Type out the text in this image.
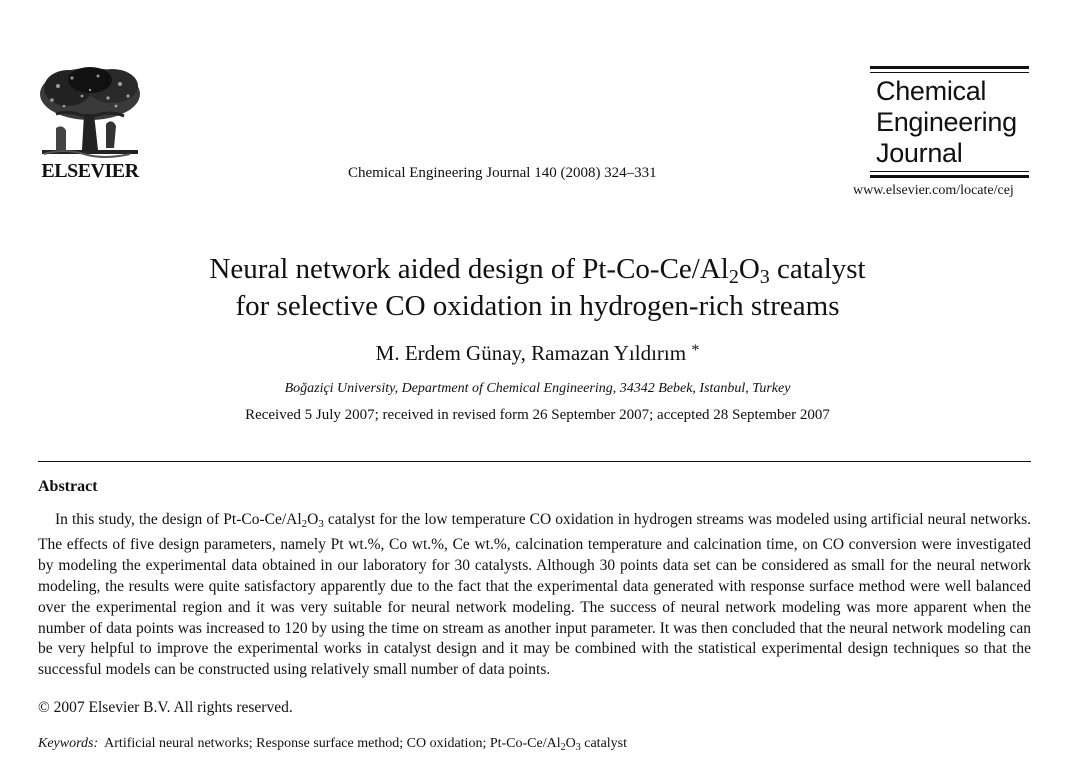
ELSEVIER	Chemical Engineering Journal 140 (2008) 324–331
Chemical
Engineering
Journal
www.elsevier.com/locate/cej
Neural network aided design of $Pt-Co-Ce/Al_2O_3$ catalyst
for selective CO oxidation in hydrogen-rich streams
M. Erdem Günay, Ramazan Yıldırım *
Boğaziçi University, Department of Chemical Engineering, 34342 Bebek, Istanbul, Turkey
Received 5 July 2007; received in revised form 26 September 2007; accepted 28 September 2007
Abstract
In this study, the design of Pt-Co-Ce/Al2O3 catalyst for the low temperature CO oxidation in hydrogen streams was modeled using artificial neural networks. The effects of five design parameters, namely Pt wt.%, Co wt.%, Ce wt.%, calcination temperature and calcination time, on CO conversion were investigated by modeling the experimental data obtained in our laboratory for 30 catalysts. Although 30 points data set can be considered as small for the neural network modeling, the results were quite satisfactory apparently due to the fact that the experimental data generated with response surface method were well balanced over the experimental region and it was very suitable for neural network modeling. The success of neural network modeling was more apparent when the number of data points was increased to 120 by using the time on stream as another input parameter. It was then concluded that the neural network modeling can be very helpful to improve the experimental works in catalyst design and it may be combined with the statistical experimental design techniques so that the successful models can be constructed using relatively small number of data points.
© 2007 Elsevier B.V. All rights reserved.
Keywords: Artificial neural networks; Response surface method; CO oxidation; $Pt-Co-Ce/Al_2O_3$ catalyst
